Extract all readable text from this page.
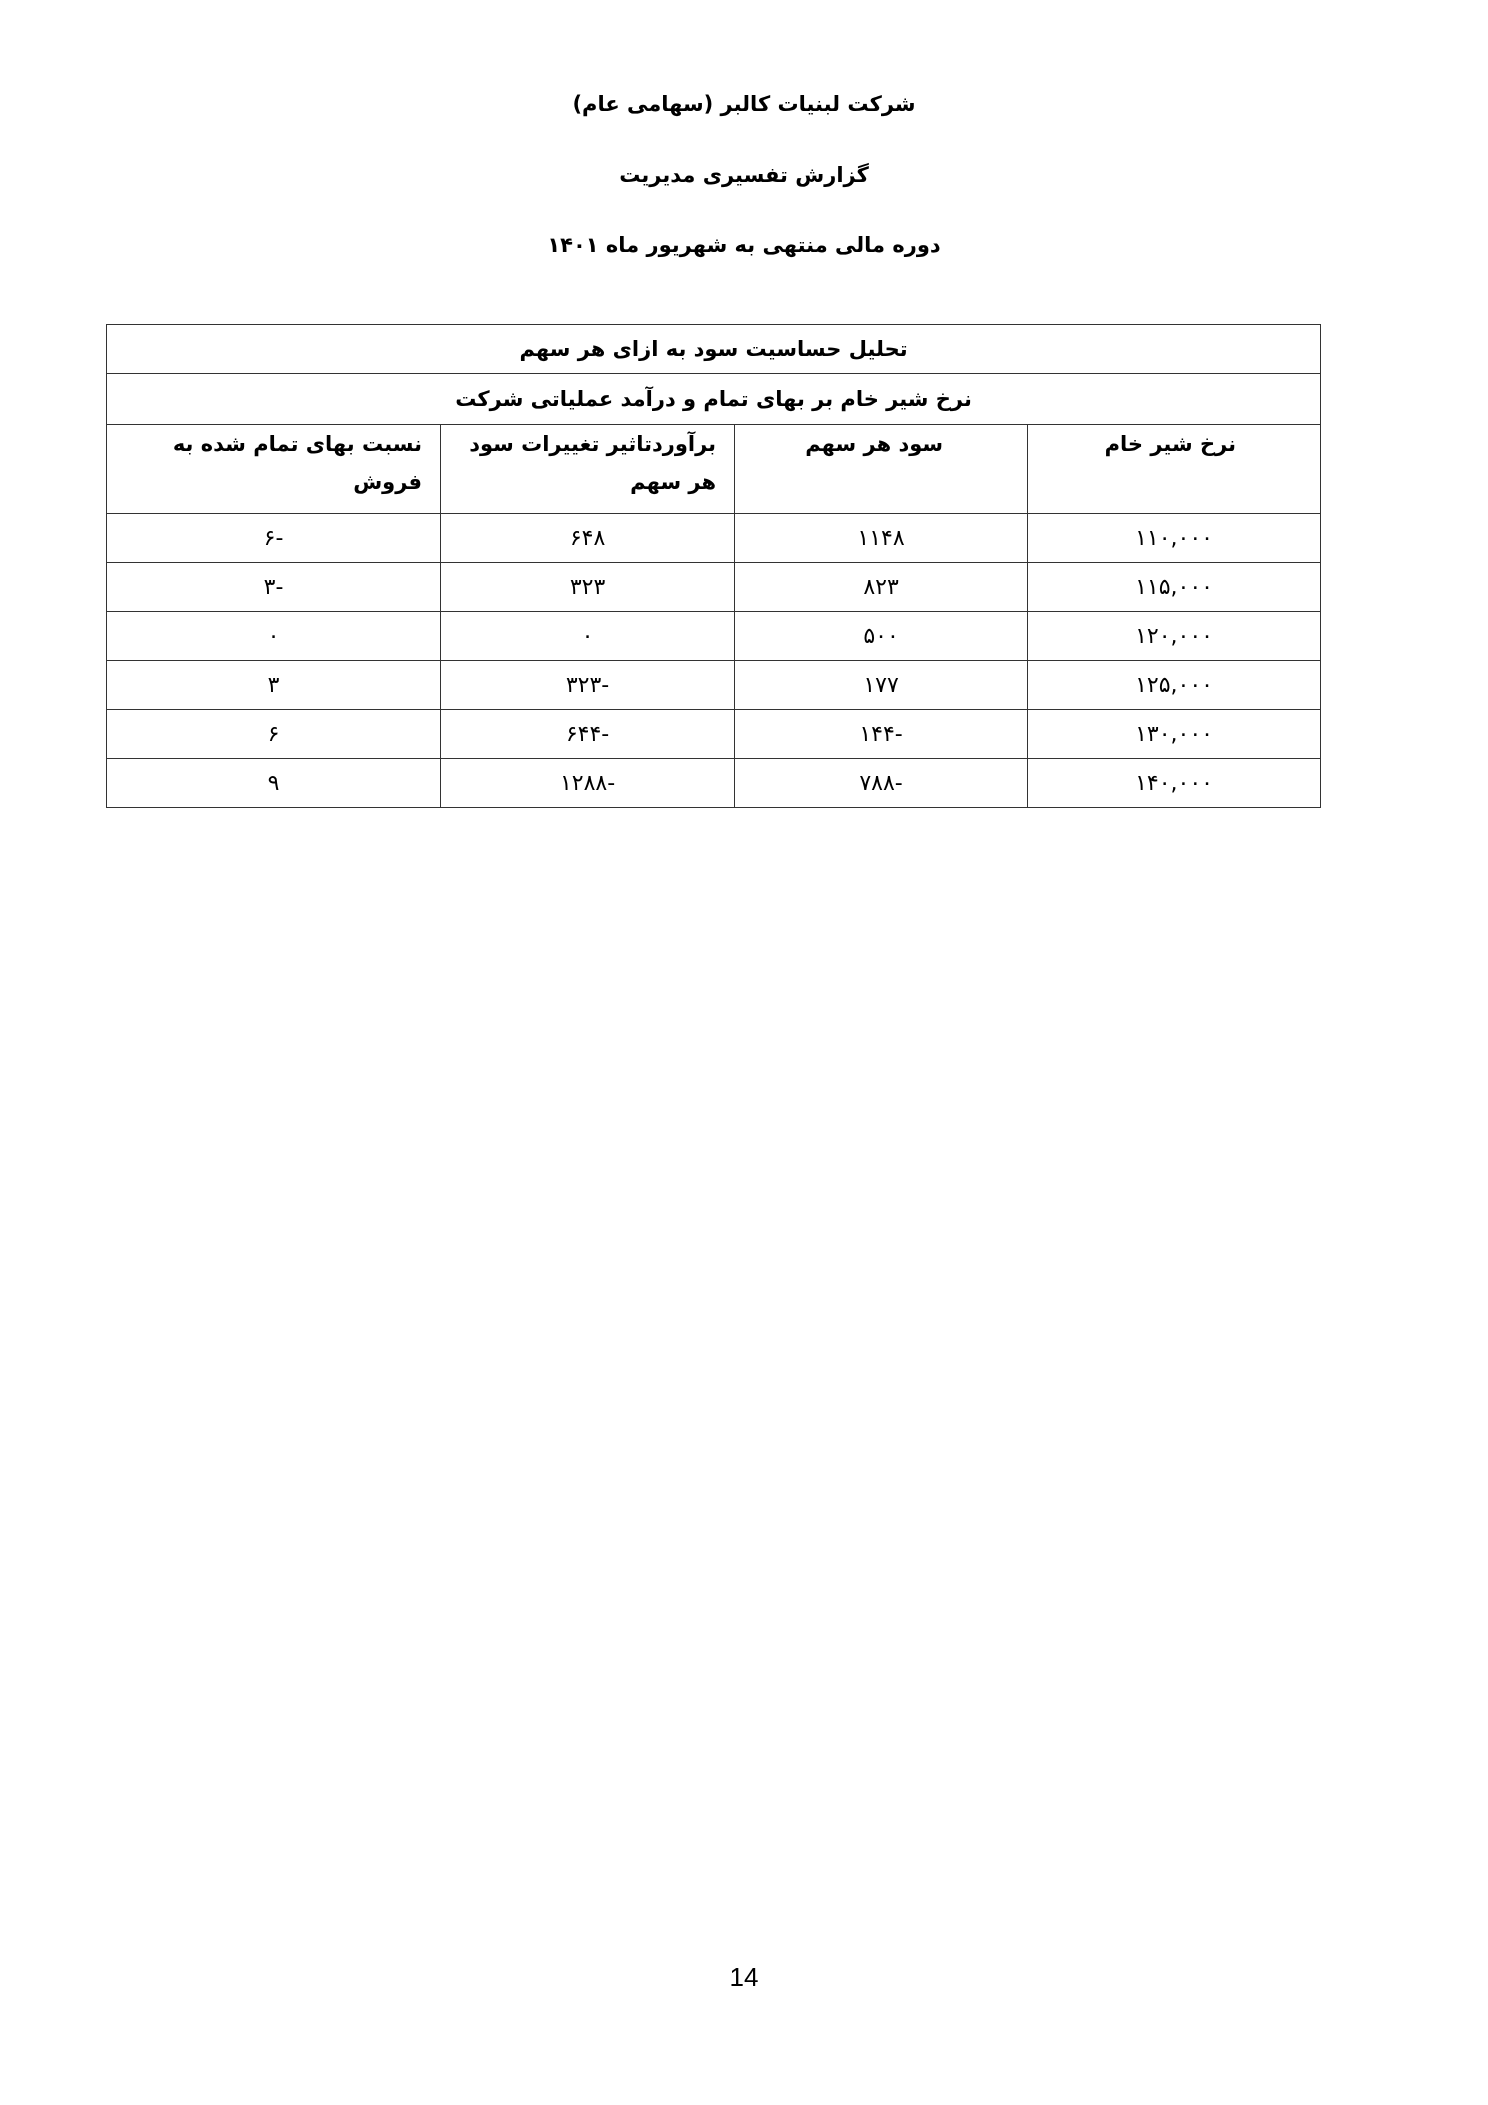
شرکت لبنیات کالبر (سهامی عام)
گزارش تفسیری مدیریت
دوره مالی منتهی به شهریور ماه ۱۴۰۱
تحلیل حساسیت سود به ازای هر سهم			
نرخ شیر خام بر بهای تمام و درآمد عملیاتی شرکت			
نرخ شیر خام	سود هر سهم	برآوردتاثیر تغییرات سود هر سهم	نسبت بهای تمام شده به فروش
۱۱۰,۰۰۰	۱۱۴۸	۶۴۸	-۶
۱۱۵,۰۰۰	۸۲۳	۳۲۳	-۳
۱۲۰,۰۰۰	۵۰۰	۰	۰
۱۲۵,۰۰۰	۱۷۷	-۳۲۳	۳
۱۳۰,۰۰۰	-۱۴۴	-۶۴۴	۶
۱۴۰,۰۰۰	-۷۸۸	-۱۲۸۸	۹
14
